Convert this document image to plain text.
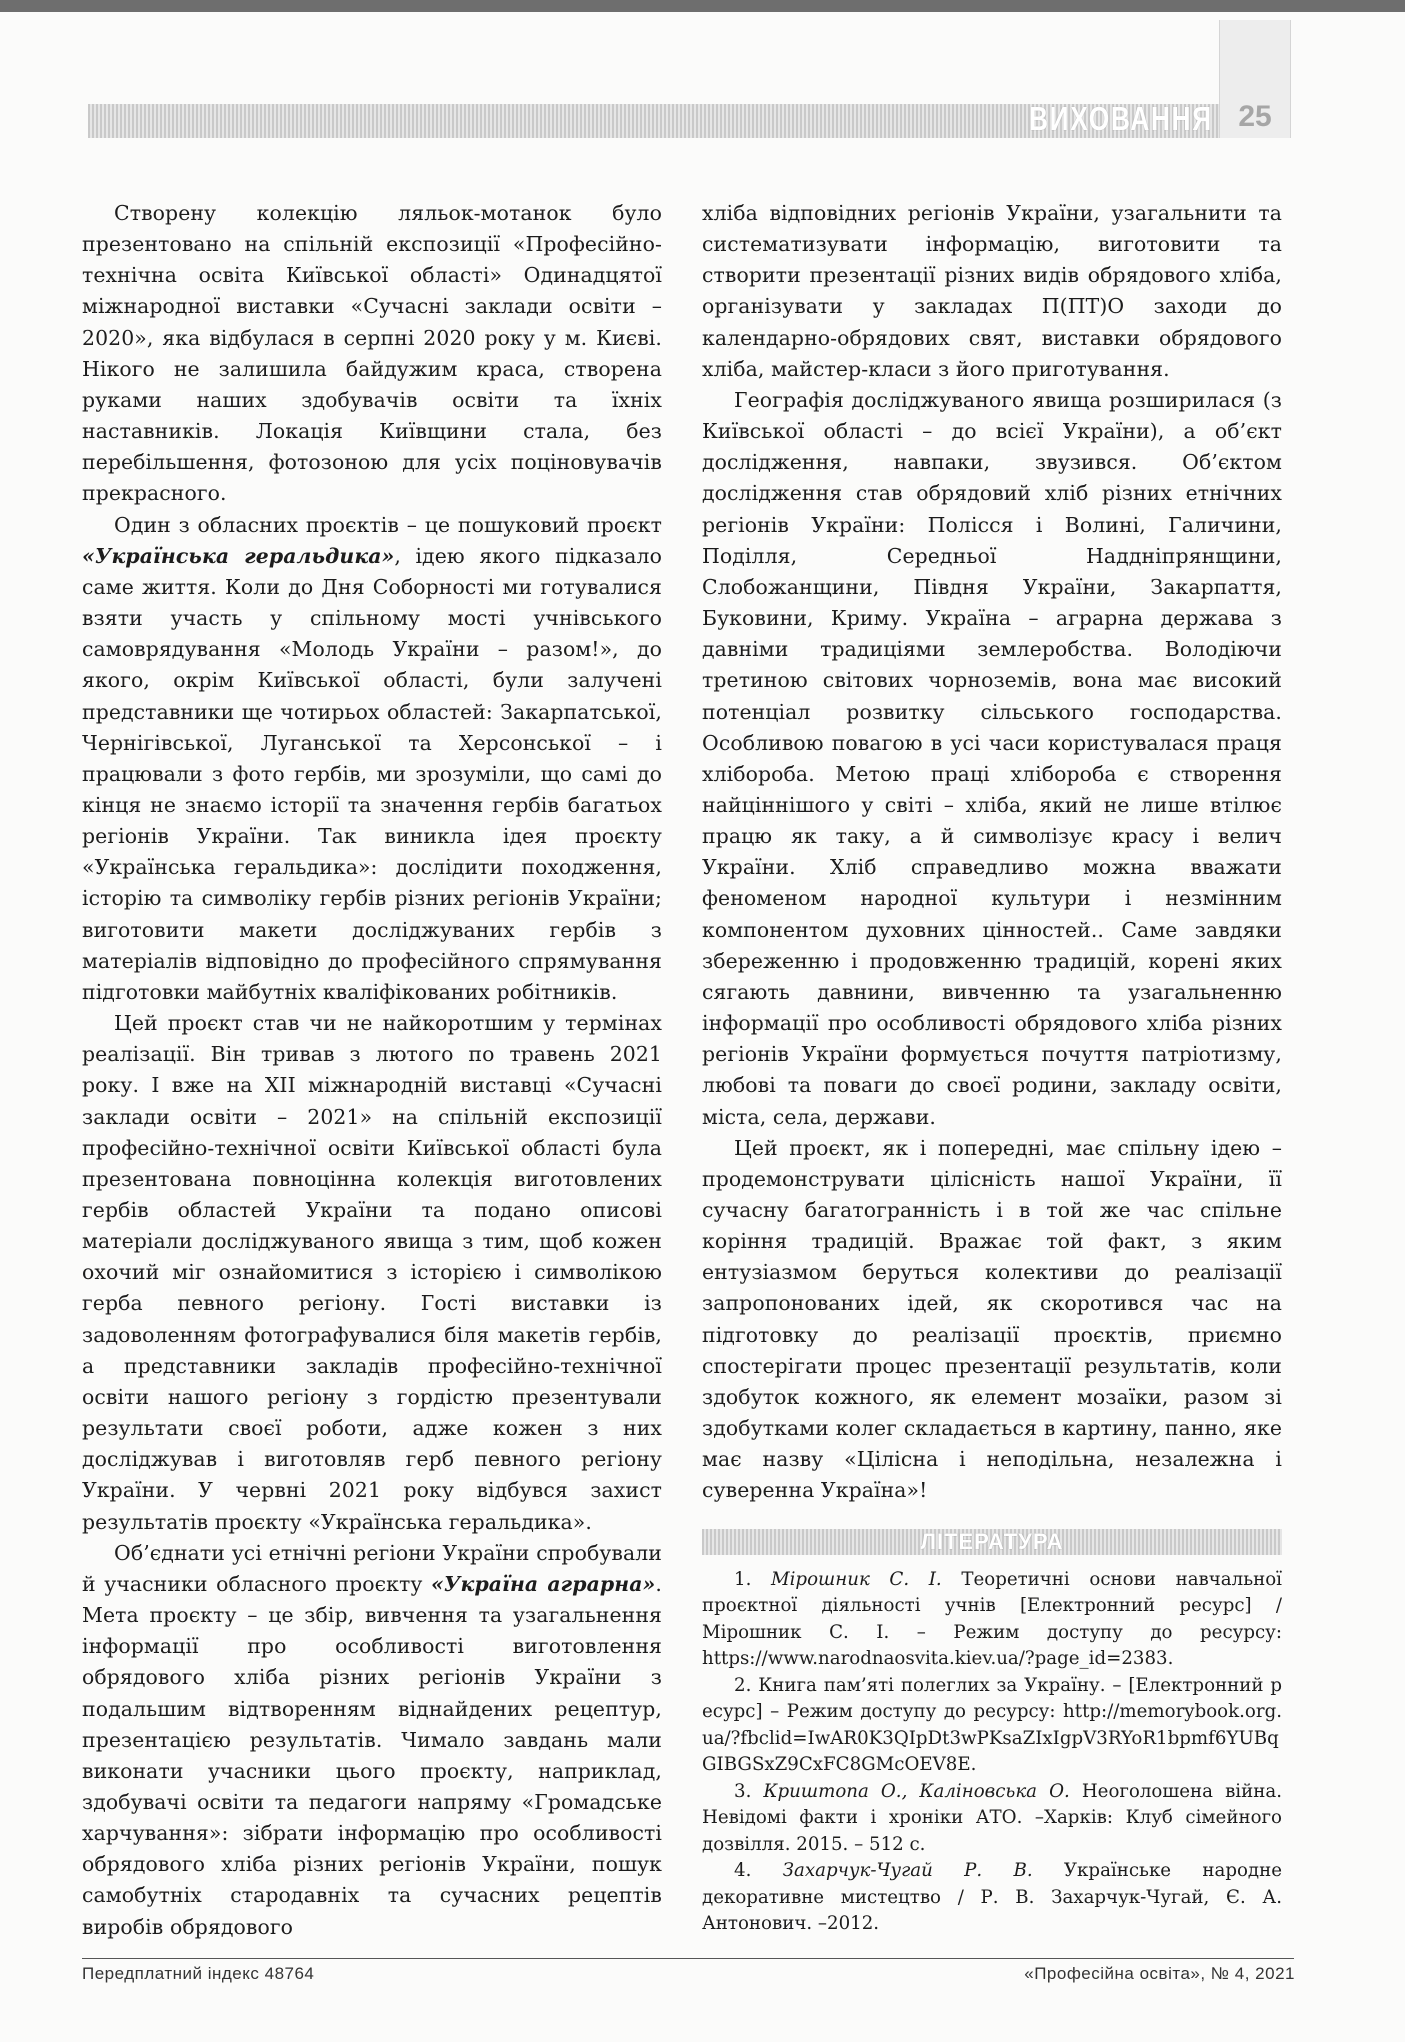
ВИХОВАННЯ 25

Створену колекцію ляльок-мотанок було презентовано на спільній експозиції «Професійно-технічна освіта Київської області» Одинадцятої міжнародної виставки «Сучасні заклади освіти – 2020», яка відбулася в серпні 2020 року у м. Києві. Нікого не залишила байдужим краса, створена руками наших здобувачів освіти та їхніх наставників. Локація Київщини стала, без перебільшення, фотозоною для усіх поціновувачів прекрасного.

Один з обласних проєктів – це пошуковий проєкт «Українська геральдика», ідею якого підказало саме життя. Коли до Дня Соборності ми готувалися взяти участь у спільному мості учнівського самоврядування «Молодь України – разом!», до якого, окрім Київської області, були залучені представники ще чотирьох областей: Закарпатської, Чернігівської, Луганської та Херсонської – і працювали з фото гербів, ми зрозуміли, що самі до кінця не знаємо історії та значення гербів багатьох регіонів України. Так виникла ідея проєкту «Українська геральдика»: дослідити походження, історію та символіку гербів різних регіонів України; виготовити макети досліджуваних гербів з матеріалів відповідно до професійного спрямування підготовки майбутніх кваліфікованих робітників.

Цей проєкт став чи не найкоротшим у термінах реалізації. Він тривав з лютого по травень 2021 року. І вже на XII міжнародній виставці «Сучасні заклади освіти – 2021» на спільній експозиції професійно-технічної освіти Київської області була презентована повноцінна колекція виготовлених гербів областей України та подано описові матеріали досліджуваного явища з тим, щоб кожен охочий міг ознайомитися з історією і символікою герба певного регіону. Гості виставки із задоволенням фотографувалися біля макетів гербів, а представники закладів професійно-технічної освіти нашого регіону з гордістю презентували результати своєї роботи, адже кожен з них досліджував і виготовляв герб певного регіону України. У червні 2021 року відбувся захист результатів проєкту «Українська геральдика».

Об’єднати усі етнічні регіони України спробували й учасники обласного проєкту «Україна аграрна». Мета проєкту – це збір, вивчення та узагальнення інформації про особливості виготовлення обрядового хліба різних регіонів України з подальшим відтворенням віднайдених рецептур, презентацією результатів. Чимало завдань мали виконати учасники цього проєкту, наприклад, здобувачі освіти та педагоги напряму «Громадське харчування»: зібрати інформацію про особливості обрядового хліба різних регіонів України, пошук самобутніх стародавніх та сучасних рецептів виробів обрядового

хліба відповідних регіонів України, узагальнити та систематизувати інформацію, виготовити та створити презентації різних видів обрядового хліба, організувати у закладах П(ПТ)О заходи до календарно-обрядових свят, виставки обрядового хліба, майстер-класи з його приготування.

Географія досліджуваного явища розширилася (з Київської області – до всієї України), а об’єкт дослідження, навпаки, звузився. Об’єктом дослідження став обрядовий хліб різних етнічних регіонів України: Полісся і Волині, Галичини, Поділля, Середньої Наддніпрянщини, Слобожанщини, Півдня України, Закарпаття, Буковини, Криму. Україна – аграрна держава з давніми традиціями землеробства. Володіючи третиною світових чорноземів, вона має високий потенціал розвитку сільського господарства. Особливою повагою в усі часи користувалася праця хлібороба. Метою праці хлібороба є створення найціннішого у світі – хліба, який не лише втілює працю як таку, а й символізує красу і велич України. Хліб справедливо можна вважати феноменом народної культури і незмінним компонентом духовних цінностей.. Саме завдяки збереженню і продовженню традицій, корені яких сягають давнини, вивченню та узагальненню інформації про особливості обрядового хліба різних регіонів України формується почуття патріотизму, любові та поваги до своєї родини, закладу освіти, міста, села, держави.

Цей проєкт, як і попередні, має спільну ідею – продемонструвати цілісність нашої України, її сучасну багатогранність і в той же час спільне коріння традицій. Вражає той факт, з яким ентузіазмом беруться колективи до реалізації запропонованих ідей, як скоротився час на підготовку до реалізації проєктів, приємно спостерігати процес презентації результатів, коли здобуток кожного, як елемент мозаїки, разом зі здобутками колег складається в картину, панно, яке має назву «Цілісна і неподільна, незалежна і суверенна Україна»!

ЛІТЕРАТУРА
1. Мірошник С. І. Теоретичні основи навчальної проєктної діяльності учнів [Електронний ресурс] / Мірошник С. І. – Режим доступу до ресурсу: https://www.narodnaosvita.kiev.ua/?page_id=2383.
2. Книга пам’яті полеглих за Україну. – [Електронний ресурс] – Режим доступу до ресурсу: http://memorybook.org.ua/?fbclid=IwAR0K3QIpDt3wPKsaZIxIgpV3RYoR1bpmf6YUBqGIBGSxZ9CxFC8GMcOEV8E.
3. Криштопа О., Каліновська О. Неоголошена війна. Невідомі факти і хроніки АТО. –Харків: Клуб сімейного дозвілля. 2015. – 512 с.
4. Захарчук-Чугай Р. В. Українське народне декоративне мистецтво / Р. В. Захарчук-Чугай, Є. А. Антонович. –2012.
Передплатний індекс 48764	«Професійна освіта», № 4, 2021
